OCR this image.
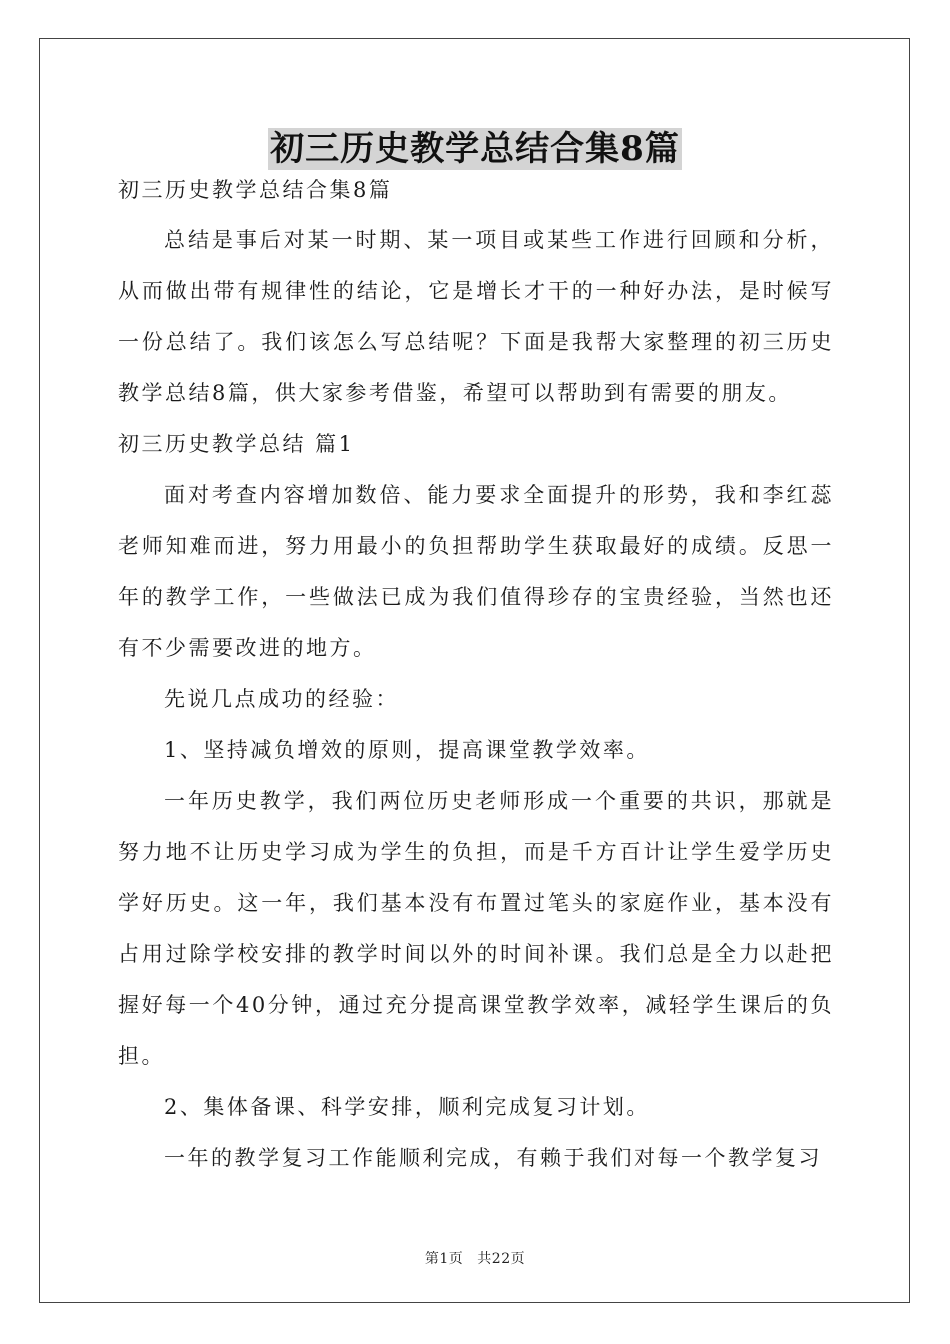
初三历史教学总结合集8篇
初三历史教学总结合集8篇

总结是事后对某一时期、某一项目或某些工作进行回顾和分析，从而做出带有规律性的结论，它是增长才干的一种好办法，是时候写一份总结了。我们该怎么写总结呢？下面是我帮大家整理的初三历史教学总结8篇，供大家参考借鉴，希望可以帮助到有需要的朋友。

初三历史教学总结 篇1

面对考查内容增加数倍、能力要求全面提升的形势，我和李红蕊老师知难而进，努力用最小的负担帮助学生获取最好的成绩。反思一年的教学工作，一些做法已成为我们值得珍存的宝贵经验，当然也还有不少需要改进的地方。

先说几点成功的经验：

1、坚持减负增效的原则，提高课堂教学效率。

一年历史教学，我们两位历史老师形成一个重要的共识，那就是努力地不让历史学习成为学生的负担，而是千方百计让学生爱学历史学好历史。这一年，我们基本没有布置过笔头的家庭作业，基本没有占用过除学校安排的教学时间以外的时间补课。我们总是全力以赴把握好每一个40分钟，通过充分提高课堂教学效率，减轻学生课后的负担。

2、集体备课、科学安排，顺利完成复习计划。

一年的教学复习工作能顺利完成，有赖于我们对每一个教学复习

第1页 共22页
